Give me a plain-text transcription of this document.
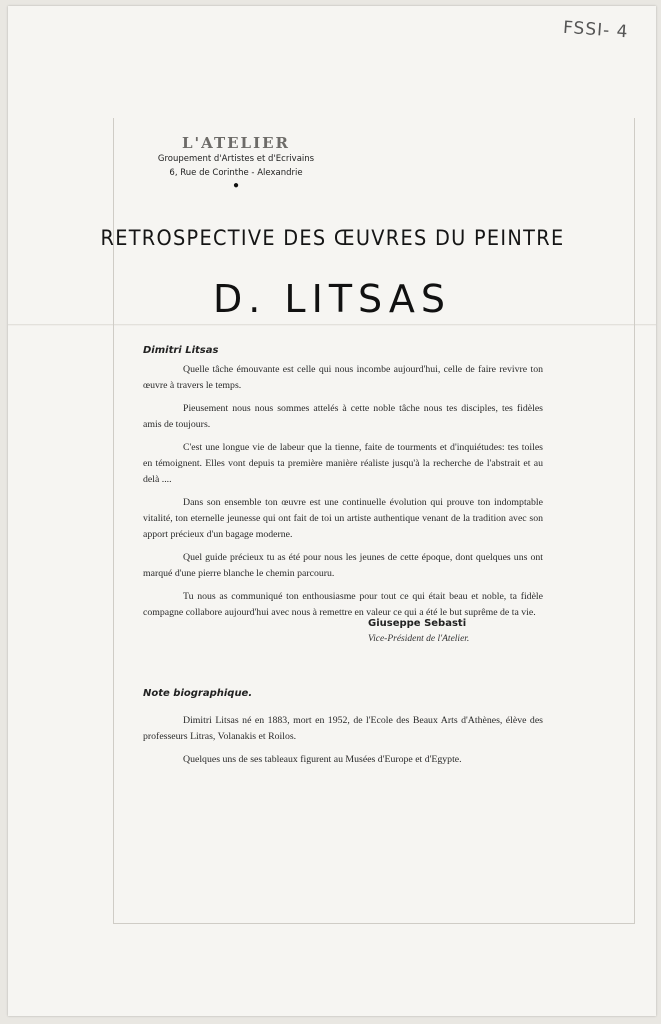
FSSI- 4
L'ATELIER
Groupement d'Artistes et d'Ecrivains
6, Rue de Corinthe - Alexandrie
●
RETROSPECTIVE DES ŒUVRES DU PEINTRE
D. LITSAS
Dimitri Litsas

Quelle tâche émouvante est celle qui nous incombe aujourd'hui, celle de faire revivre ton œuvre à travers le temps.

Pieusement nous nous sommes attelés à cette noble tâche nous tes disciples, tes fidèles amis de toujours.

C'est une longue vie de labeur que la tienne, faite de tourments et d'inquiétudes: tes toiles en témoignent. Elles vont depuis ta première manière réaliste jusqu'à la recherche de l'abstrait et au delà ....

Dans son ensemble ton œuvre est une continuelle évolution qui prouve ton indomptable vitalité, ton eternelle jeunesse qui ont fait de toi un artiste authentique venant de la tradition avec son apport précieux d'un bagage moderne.

Quel guide précieux tu as été pour nous les jeunes de cette époque, dont quelques uns ont marqué d'une pierre blanche le chemin parcouru.

Tu nous as communiqué ton enthousiasme pour tout ce qui était beau et noble, ta fidèle compagne collabore aujourd'hui avec nous à remettre en valeur ce qui a été le but suprême de ta vie.

Giuseppe Sebasti
Vice-Président de l'Atelier.
Note biographique.

Dimitri Litsas né en 1883, mort en 1952, de l'Ecole des Beaux Arts d'Athènes, élève des professeurs Litras, Volanakis et Roilos.

Quelques uns de ses tableaux figurent au Musées d'Europe et d'Egypte.
